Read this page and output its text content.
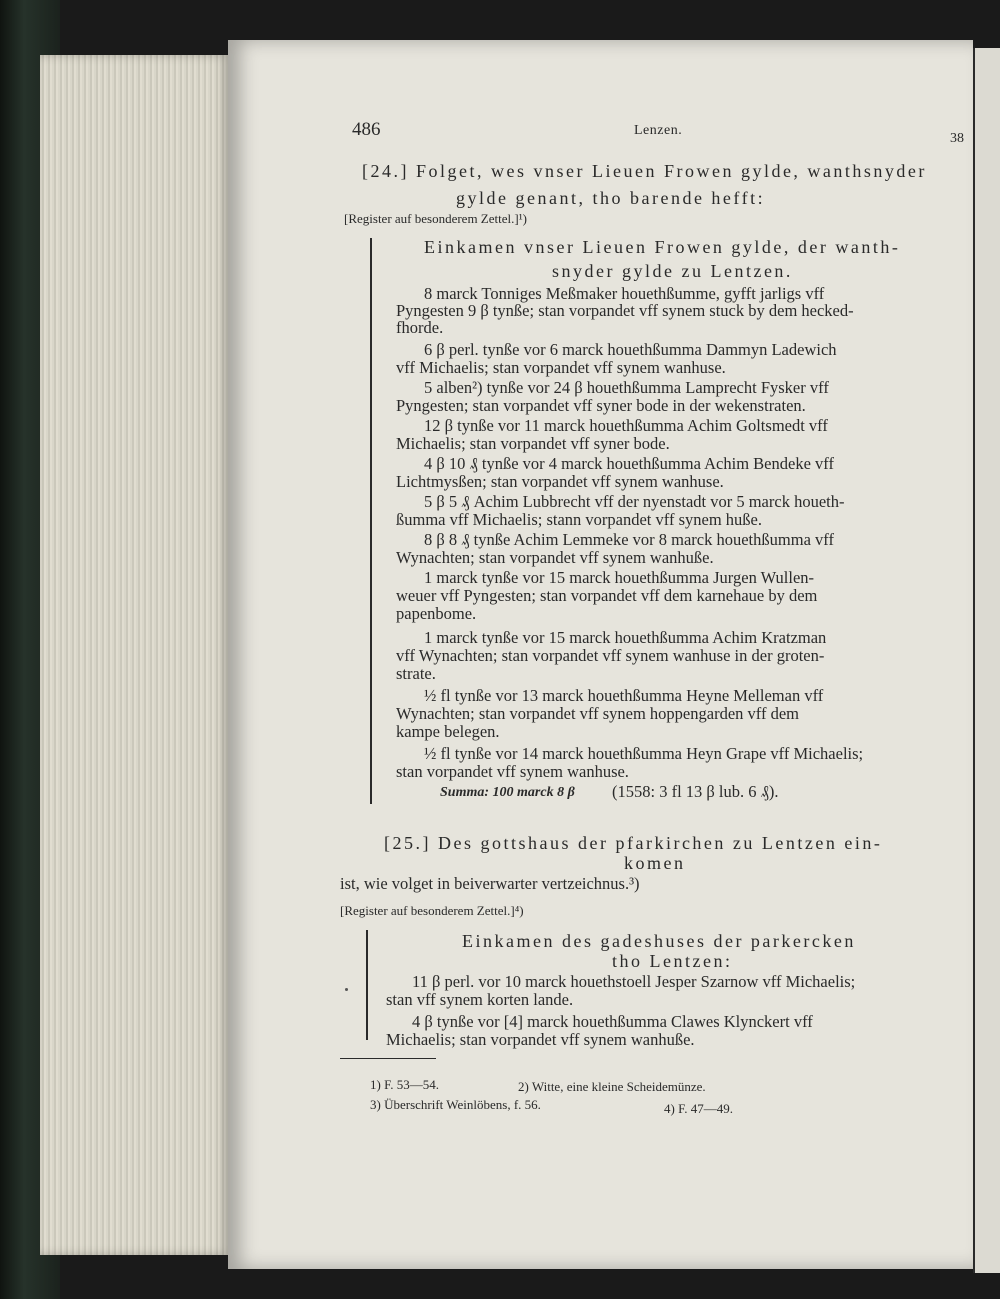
38
486	Lenzen.
[24.] Folget, wes vnser Lieuen Frowen gylde, wanthsnyder
gylde genant, tho barende hefft:
[Register auf besonderem Zettel.]¹)
Einkamen vnser Lieuen Frowen gylde, der wanth-
snyder gylde zu Lentzen.
8 marck Tonniges Meßmaker houethßumme, gyfft jarligs vff
Pyngesten 9 β tynße; stan vorpandet vff synem stuck by dem hecked-
fhorde.
6 β perl. tynße vor 6 marck houethßumma Dammyn Ladewich
vff Michaelis; stan vorpandet vff synem wanhuse.
5 alben²) tynße vor 24 β houethßumma Lamprecht Fysker vff
Pyngesten; stan vorpandet vff syner bode in der wekenstraten.
12 β tynße vor 11 marck houethßumma Achim Goltsmedt vff
Michaelis; stan vorpandet vff syner bode.
4 β 10 ₰ tynße vor 4 marck houethßumma Achim Bendeke vff
Lichtmysßen; stan vorpandet vff synem wanhuse.
5 β 5 ₰ Achim Lubbrecht vff der nyenstadt vor 5 marck houeth-
ßumma vff Michaelis; stann vorpandet vff synem huße.
8 β 8 ₰ tynße Achim Lemmeke vor 8 marck houethßumma vff
Wynachten; stan vorpandet vff synem wanhuße.
1 marck tynße vor 15 marck houethßumma Jurgen Wullen-
weuer vff Pyngesten; stan vorpandet vff dem karnehaue by dem
papenbome.
1 marck tynße vor 15 marck houethßumma Achim Kratzman
vff Wynachten; stan vorpandet vff synem wanhuse in der groten-
strate.
½ fl tynße vor 13 marck houethßumma Heyne Melleman vff
Wynachten; stan vorpandet vff synem hoppengarden vff dem
kampe belegen.
½ fl tynße vor 14 marck houethßumma Heyn Grape vff Michaelis;
stan vorpandet vff synem wanhuse.
Summa: 100 marck 8 β (1558: 3 fl 13 β lub. 6 ₰).
[25.] Des gottshaus der pfarkirchen zu Lentzen ein-
komen
ist, wie volget in beiverwarter vertzeichnus.³)
[Register auf besonderem Zettel.]⁴)
Einkamen des gadeshuses der parkercken
tho Lentzen:
11 β perl. vor 10 marck houethstoell Jesper Szarnow vff Michaelis;
stan vff synem korten lande.
4 β tynße vor [4] marck houethßumma Clawes Klynckert vff
Michaelis; stan vorpandet vff synem wanhuße.
1) F. 53—54.	2) Witte, eine kleine Scheidemünze.
3) Überschrift Weinlöbens, f. 56.	4) F. 47—49.
